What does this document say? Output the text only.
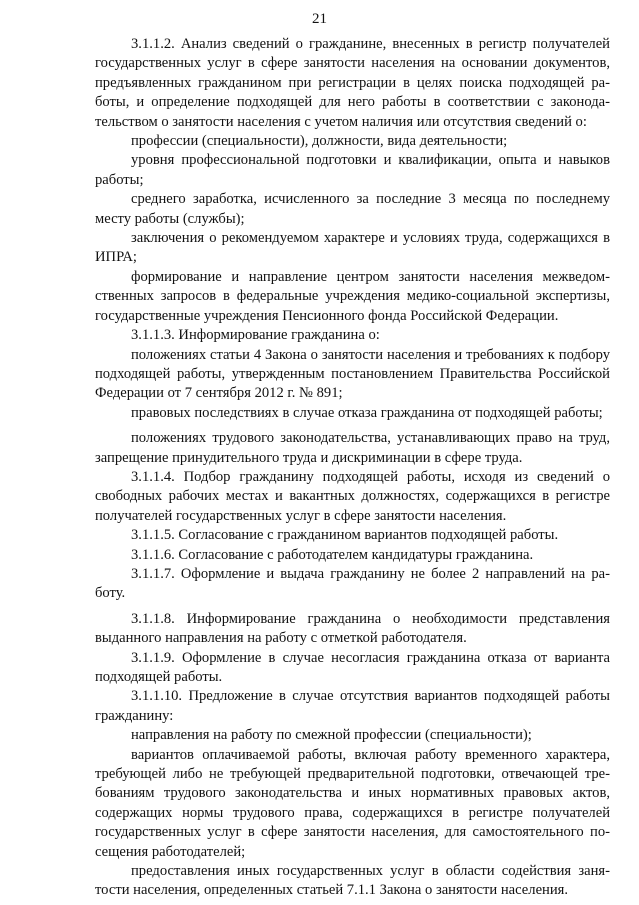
21

3.1.1.2. Анализ сведений о гражданине, внесенных в регистр получателей государственных услуг в сфере занятости населения на основании документов, предъявленных гражданином при регистрации в целях поиска подходящей работы, и определение подходящей для него работы в соответствии с законодательством о занятости населения с учетом наличия или отсутствия сведений о:

профессии (специальности), должности, вида деятельности;

уровня профессиональной подготовки и квалификации, опыта и навыков работы;

среднего заработка, исчисленного за последние 3 месяца по последнему месту работы (службы);

заключения о рекомендуемом характере и условиях труда, содержащихся в ИПРА;

формирование и направление центром занятости населения межведомственных запросов в федеральные учреждения медико-социальной экспертизы, государственные учреждения Пенсионного фонда Российской Федерации.

3.1.1.3. Информирование гражданина о:

положениях статьи 4 Закона о занятости населения и требованиях к подбору подходящей работы, утвержденным постановлением Правительства Российской Федерации от 7 сентября 2012 г. № 891;

правовых последствиях в случае отказа гражданина от подходящей работы;

положениях трудового законодательства, устанавливающих право на труд, запрещение принудительного труда и дискриминации в сфере труда.

3.1.1.4. Подбор гражданину подходящей работы, исходя из сведений о свободных рабочих местах и вакантных должностях, содержащихся в регистре получателей государственных услуг в сфере занятости населения.

3.1.1.5. Согласование с гражданином вариантов подходящей работы.

3.1.1.6. Согласование с работодателем кандидатуры гражданина.

3.1.1.7. Оформление и выдача гражданину не более 2 направлений на работу.

3.1.1.8. Информирование гражданина о необходимости представления выданного направления на работу с отметкой работодателя.

3.1.1.9. Оформление в случае несогласия гражданина отказа от варианта подходящей работы.

3.1.1.10. Предложение в случае отсутствия вариантов подходящей работы гражданину:

направления на работу по смежной профессии (специальности);

вариантов оплачиваемой работы, включая работу временного характера, требующей либо не требующей предварительной подготовки, отвечающей требованиям трудового законодательства и иных нормативных правовых актов, содержащих нормы трудового права, содержащихся в регистре получателей государственных услуг в сфере занятости населения, для самостоятельного посещения работодателей;

предоставления иных государственных услуг в области содействия занятости населения, определенных статьей 7.1.1 Закона о занятости населения.
